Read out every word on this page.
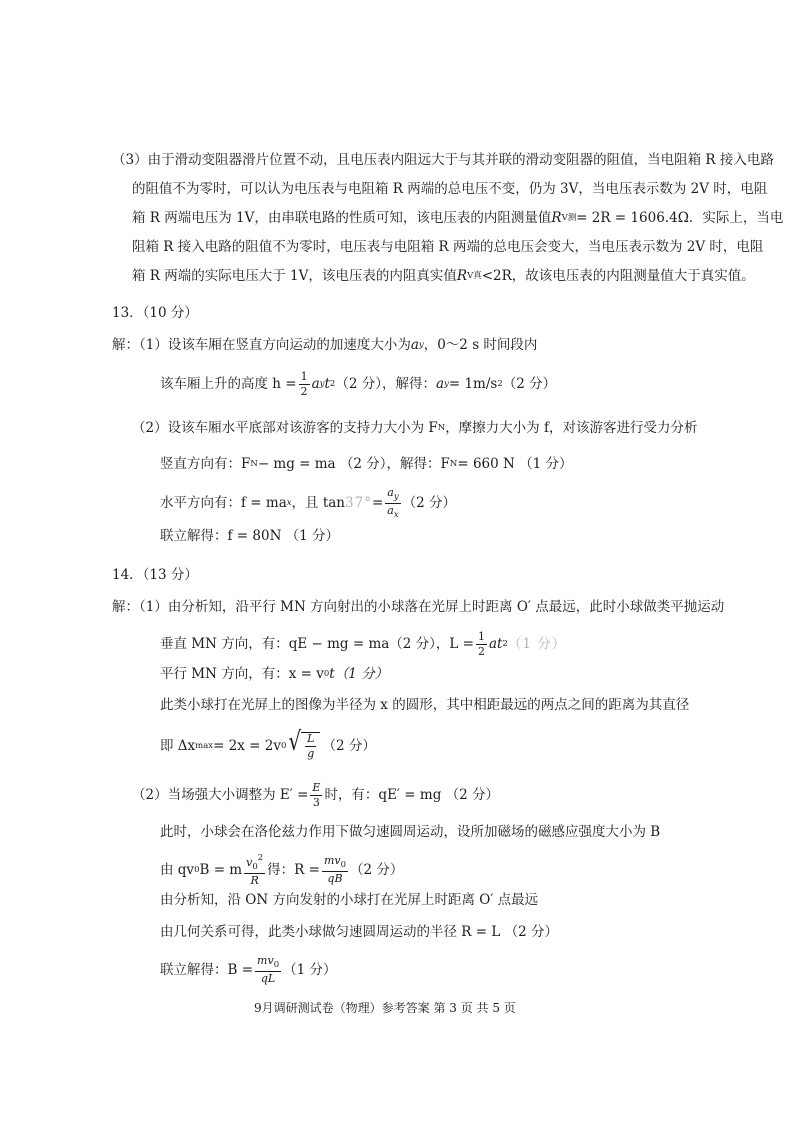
（3）由于滑动变阻器滑片位置不动，且电压表内阻远大于与其并联的滑动变阻器的阻值，当电阻箱 R 接入电路
的阻值不为零时，可以认为电压表与电阻箱 R 两端的总电压不变，仍为 3V，当电压表示数为 2V 时，电阻
箱 R 两端电压为 1V，由串联电路的性质可知，该电压表的内阻测量值 R V测 = 2R = 1606.4Ω．实际上，当电
阻箱 R 接入电路的阻值不为零时，电压表与电阻箱 R 两端的总电压会变大，当电压表示数为 2V 时，电阻
箱 R 两端的实际电压大于 1V，该电压表的内阻真实值 R V真 <2R，故该电压表的内阻测量值大于真实值。
13．（10 分）
解：（1）设该车厢在竖直方向运动的加速度大小为 a y ，0～2 s 时间段内
该车厢上升的高度 $h = \frac{1}{2}$ a y t 2 （2 分），解得： a y = 1m/s 2 （2 分）
（2）设该车厢水平底部对该游客的支持力大小为 F N ，摩擦力大小为 f，对该游客进行受力分析
竖直方向有：F N − mg = ma （2 分），解得：F N = 660 N （1 分）
水平方向有：f = ma x ，且 $\tan 37^\circ = \frac{a_y}{a_x} (2$ 分）
联立解得：f = 80N （1 分）
14．（13 分）
解：（1）由分析知，沿平行 MN 方向射出的小球落在光屏上时距离 O′ 点最远，此时小球做类平抛运动
垂直 MN 方向，有：qE − mg = ma（2 分），$L = \frac{1}{2}$ at 2 （1 分）
平行 MN 方向，有：x = v 0 t（1 分）
此类小球打在光屏上的图像为半径为 x 的圆形，其中相距最远的两点之间的距离为其直径
即 Δx max = 2x = 2v 0 √ $\frac{L}{g} (2$ 分）
（2）当场强大小调整为 $E' = \frac{E}{3}$ 时，有：qE′ = mg （2 分）
此时，小球会在洛伦兹力作用下做匀速圆周运动，设所加磁场的磁感应强度大小为 B
由 qv 0 B = m $\frac{v_0^2}{R}$ 得：$R = \frac{mv_0}{qB} (2$ 分）
由分析知，沿 ON 方向发射的小球打在光屏上时距离 O′ 点最远
由几何关系可得，此类小球做匀速圆周运动的半径 R = L （2 分）
联立解得：$B = \frac{mv_0}{qL} (1$ 分）
9月调研测试卷（物理）参考答案 第 3 页 共 5 页
